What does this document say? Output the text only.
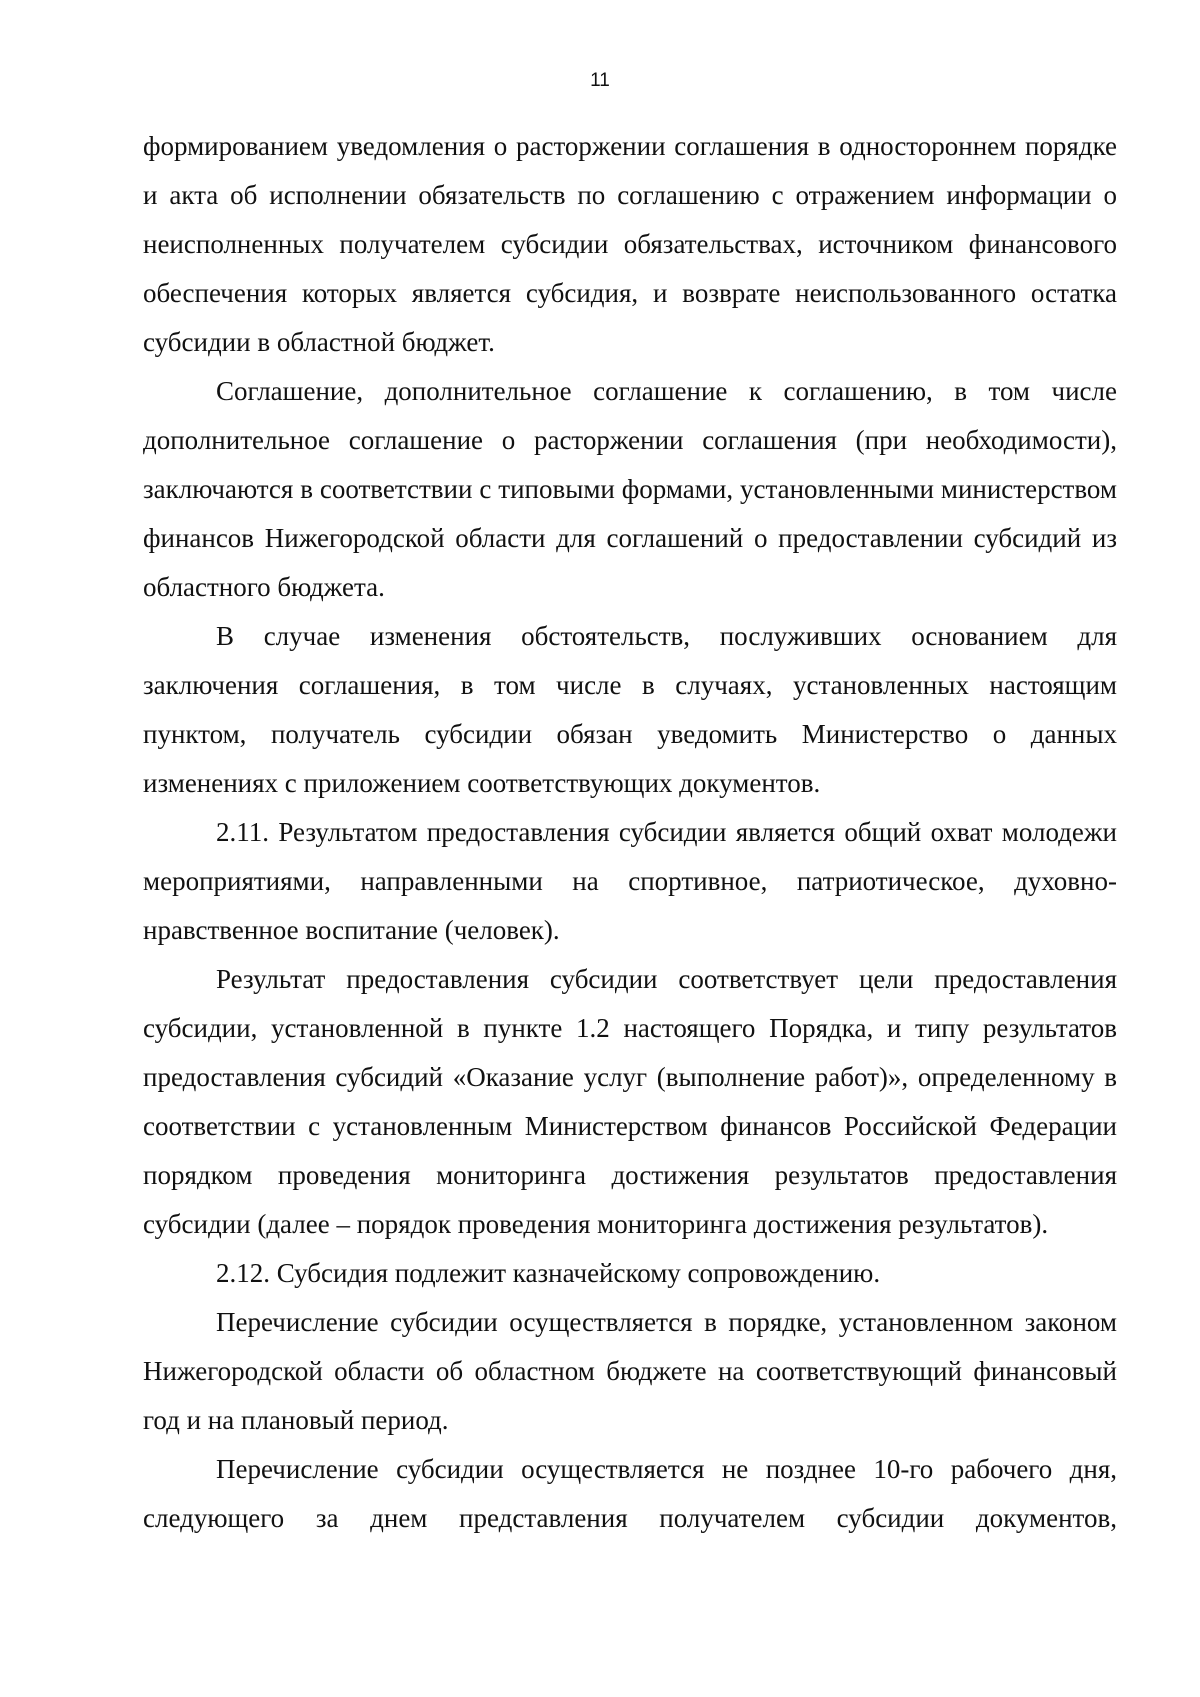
11

формированием уведомления о расторжении соглашения в одностороннем порядке и акта об исполнении обязательств по соглашению с отражением информации о неисполненных получателем субсидии обязательствах, источником финансового обеспечения которых является субсидия, и возврате неиспользованного остатка субсидии в областной бюджет.

Соглашение, дополнительное соглашение к соглашению, в том числе дополнительное соглашение о расторжении соглашения (при необходимости), заключаются в соответствии с типовыми формами, установленными министерством финансов Нижегородской области для соглашений о предоставлении субсидий из областного бюджета.

В случае изменения обстоятельств, послуживших основанием для заключения соглашения, в том числе в случаях, установленных настоящим пунктом, получатель субсидии обязан уведомить Министерство о данных изменениях с приложением соответствующих документов.

2.11. Результатом предоставления субсидии является общий охват молодежи мероприятиями, направленными на спортивное, патриотическое, духовно-нравственное воспитание (человек).

Результат предоставления субсидии соответствует цели предоставления субсидии, установленной в пункте 1.2 настоящего Порядка, и типу результатов предоставления субсидий «Оказание услуг (выполнение работ)», определенному в соответствии с установленным Министерством финансов Российской Федерации порядком проведения мониторинга достижения результатов предоставления субсидии (далее – порядок проведения мониторинга достижения результатов).

2.12. Субсидия подлежит казначейскому сопровождению.

Перечисление субсидии осуществляется в порядке, установленном законом Нижегородской области об областном бюджете на соответствующий финансовый год и на плановый период.

Перечисление субсидии осуществляется не позднее 10-го рабочего дня, следующего за днем представления получателем субсидии документов,
